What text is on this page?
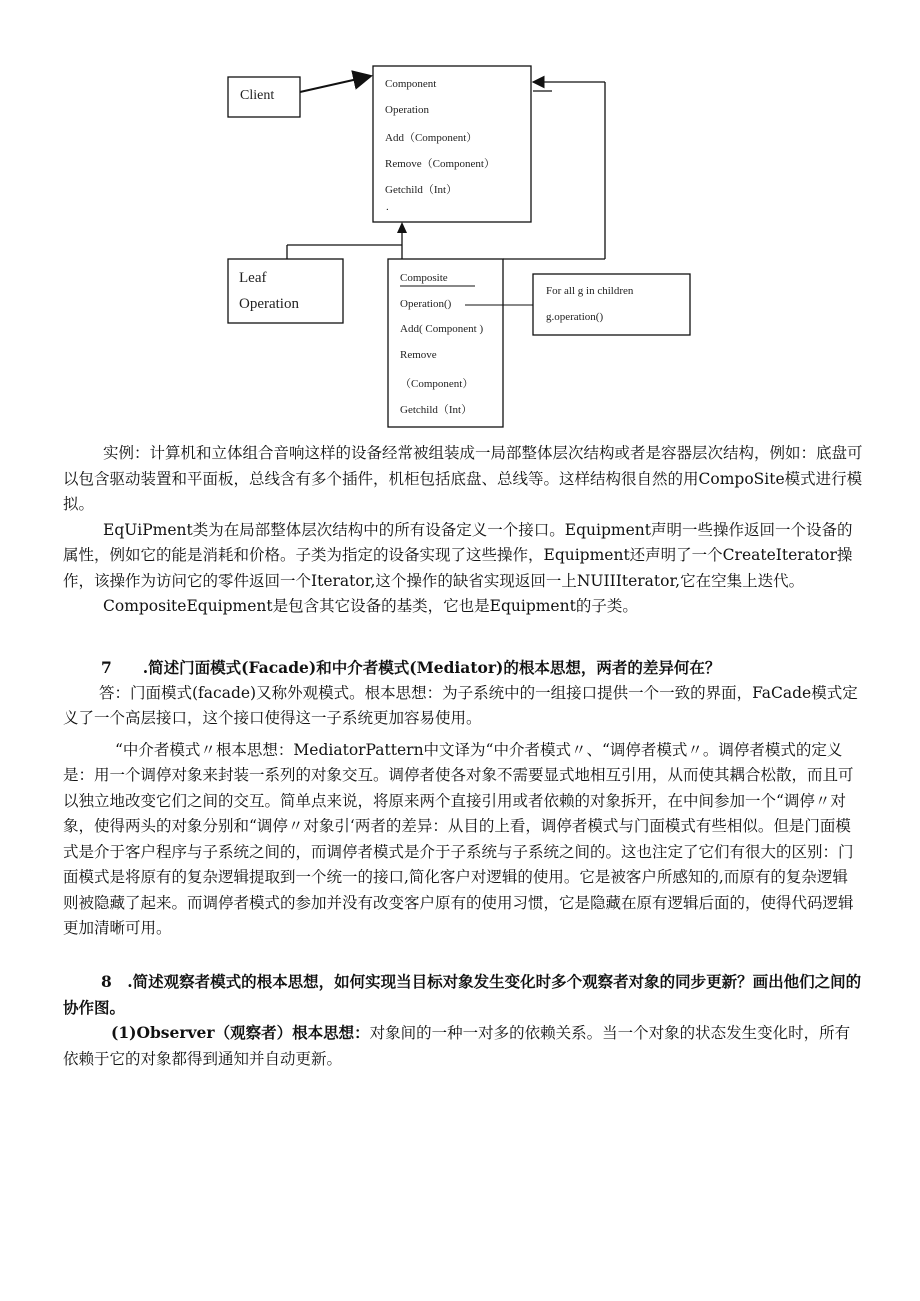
Client
Component
Operation
Add（Component）
Remove（Component）
Getchild（Int）
.
Leaf
Operation
Composite
Operation()
Add( Component )
Remove
（Component）
Getchild（Int）
For all g in children
g.operation()

实例：计算机和立体组合音响这样的设备经常被组装成一局部整体层次结构或者是容器层次结构，例如：底盘可以包含驱动装置和平面板，总线含有多个插件，机柜包括底盘、总线等。这样结构很自然的用CompoSite模式进行模拟。

EqUiPment类为在局部整体层次结构中的所有设备定义一个接口。Equipment声明一些操作返回一个设备的属性，例如它的能是消耗和价格。子类为指定的设备实现了这些操作，Equipment还声明了一个CreateIterator操作，该操作为访问它的零件返回一个Iterator,这个操作的缺省实现返回一上NUIIIterator,它在空集上迭代。

CompositeEquipment是包含其它设备的基类，它也是Equipment的子类。

7　　.简述门面模式(Facade)和中介者模式(Mediator)的根本思想，两者的差异何在？

答：门面模式(facade)又称外观模式。根本思想：为子系统中的一组接口提供一个一致的界面，FaCade模式定义了一个高层接口，这个接口使得这一子系统更加容易使用。

“中介者模式〃根本思想：MediatorPattern中文译为“中介者模式〃、“调停者模式〃。调停者模式的定义是：用一个调停对象来封装一系列的对象交互。调停者使各对象不需要显式地相互引用，从而使其耦合松散，而且可以独立地改变它们之间的交互。简单点来说，将原来两个直接引用或者依赖的对象拆开，在中间参加一个“调停〃对象，使得两头的对象分别和“调停〃对象引‘两者的差异：从目的上看，调停者模式与门面模式有些相似。但是门面模式是介于客户程序与子系统之间的，而调停者模式是介于子系统与子系统之间的。这也注定了它们有很大的区别：门面模式是将原有的复杂逻辑提取到一个统一的接口,简化客户对逻辑的使用。它是被客户所感知的,而原有的复杂逻辑则被隐藏了起来。而调停者模式的参加并没有改变客户原有的使用习惯，它是隐藏在原有逻辑后面的，使得代码逻辑更加清晰可用。

8　.简述观察者模式的根本思想，如何实现当目标对象发生变化时多个观察者对象的同步更新？画出他们之间的协作图。

(1)Observer（观察者）根本思想：对象间的一种一对多的依赖关系。当一个对象的状态发生变化时，所有依赖于它的对象都得到通知并自动更新。
